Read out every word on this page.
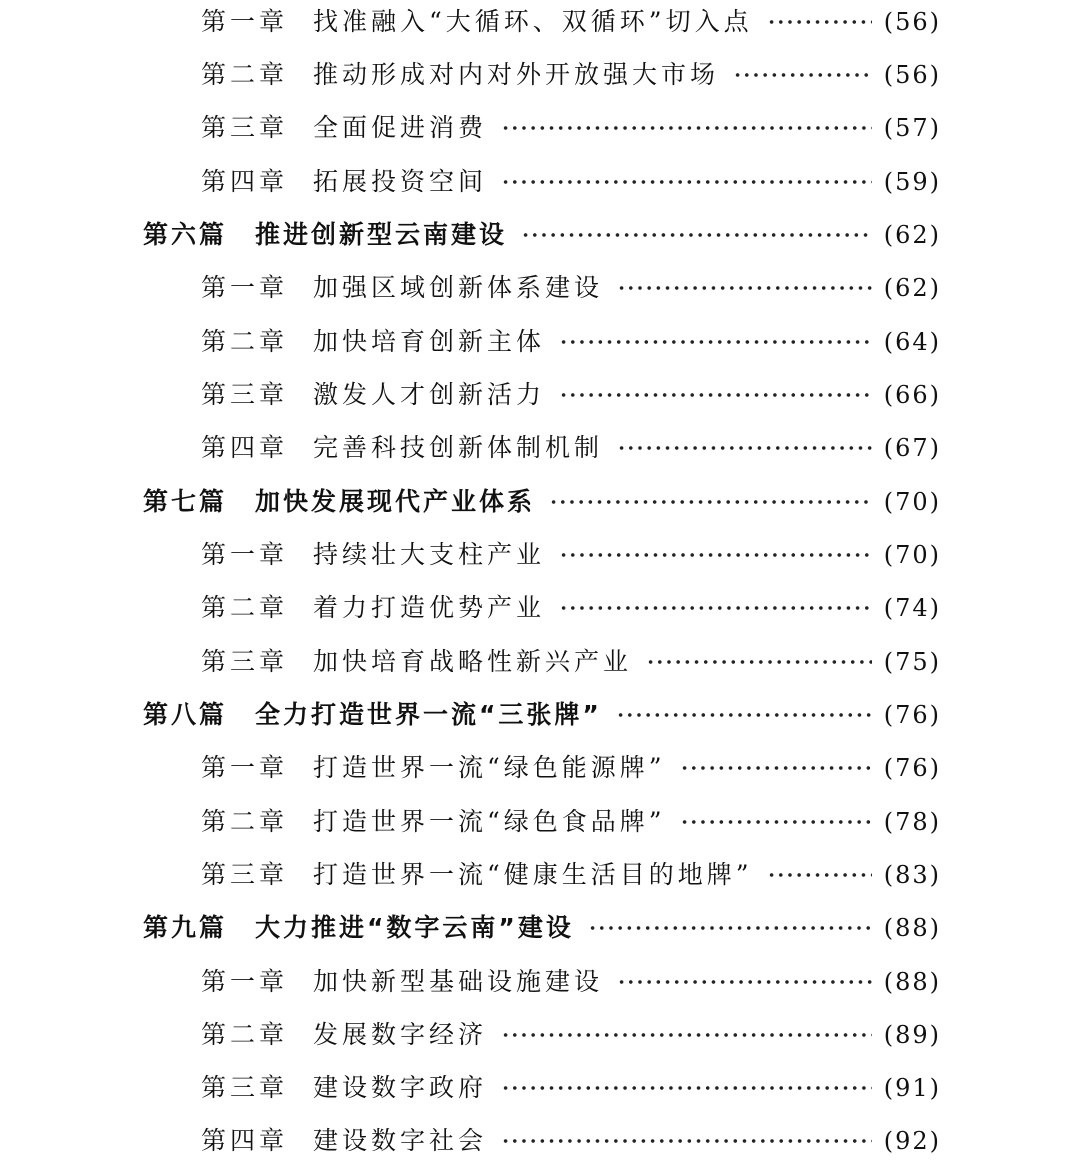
第一章 找准融入“大循环、双循环”切入点	(56)
第二章 推动形成对内对外开放强大市场	(56)
第三章 全面促进消费	(57)
第四章 拓展投资空间	(59)
第六篇	推进创新型云南建设	(62)
第一章 加强区域创新体系建设	(62)
第二章 加快培育创新主体	(64)
第三章 激发人才创新活力	(66)
第四章 完善科技创新体制机制	(67)
第七篇	加快发展现代产业体系	(70)
第一章 持续壮大支柱产业	(70)
第二章 着力打造优势产业	(74)
第三章 加快培育战略性新兴产业	(75)
第八篇	全力打造世界一流“三张牌”	(76)
第一章 打造世界一流“绿色能源牌”	(76)
第二章 打造世界一流“绿色食品牌”	(78)
第三章 打造世界一流“健康生活目的地牌”	(83)
第九篇	大力推进“数字云南”建设	(88)
第一章 加快新型基础设施建设	(88)
第二章 发展数字经济	(89)
第三章 建设数字政府	(91)
第四章 建设数字社会	(92)
